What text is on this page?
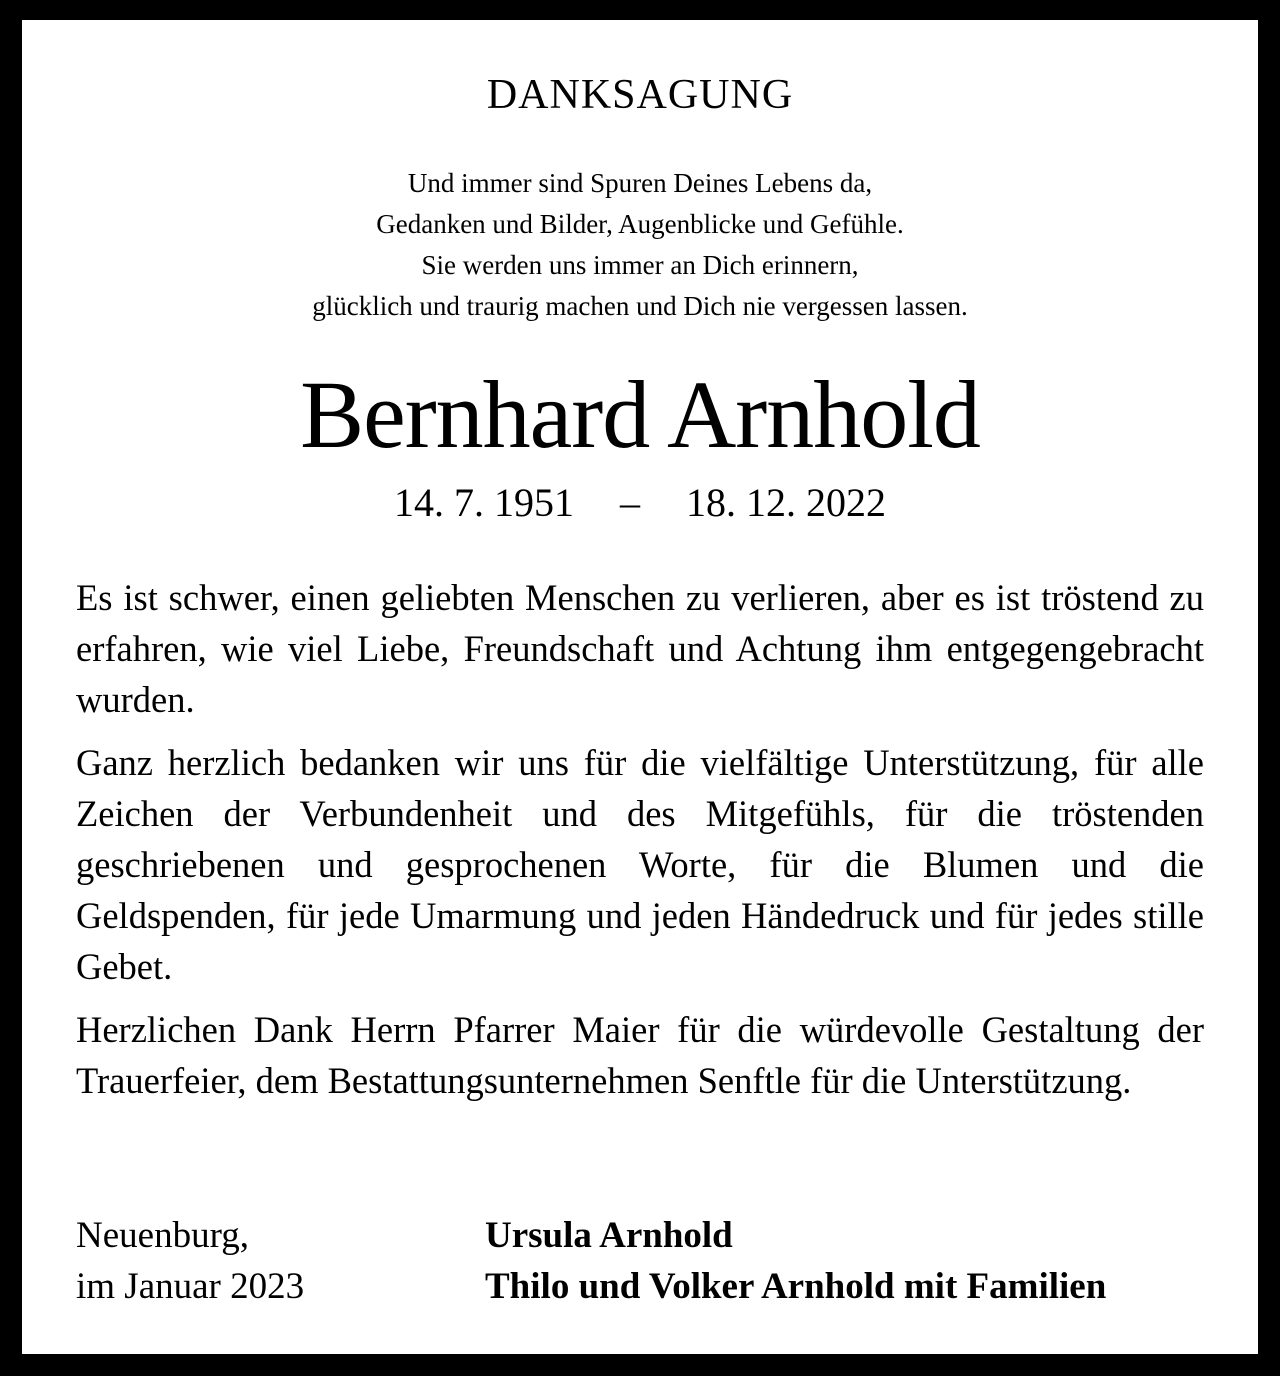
DANKSAGUNG
Und immer sind Spuren Deines Lebens da,
Gedanken und Bilder, Augenblicke und Gefühle.
Sie werden uns immer an Dich erinnern,
glücklich und traurig machen und Dich nie vergessen lassen.
Bernhard Arnhold
14. 7. 1951 – 18. 12. 2022

Es ist schwer, einen geliebten Menschen zu verlieren, aber es ist tröstend zu erfahren, wie viel Liebe, Freundschaft und Achtung ihm entgegengebracht wurden.

Ganz herzlich bedanken wir uns für die vielfältige Unterstützung, für alle Zeichen der Verbundenheit und des Mitgefühls, für die tröstenden geschriebenen und gesprochenen Worte, für die Blumen und die Geldspenden, für jede Umarmung und jeden Händedruck und für jedes stille Gebet.

Herzlichen Dank Herrn Pfarrer Maier für die würdevolle Gestaltung der Trauerfeier, dem Bestattungsunternehmen Senftle für die Unterstützung.

Neuenburg,
im Januar 2023
Ursula Arnhold
Thilo und Volker Arnhold mit Familien
